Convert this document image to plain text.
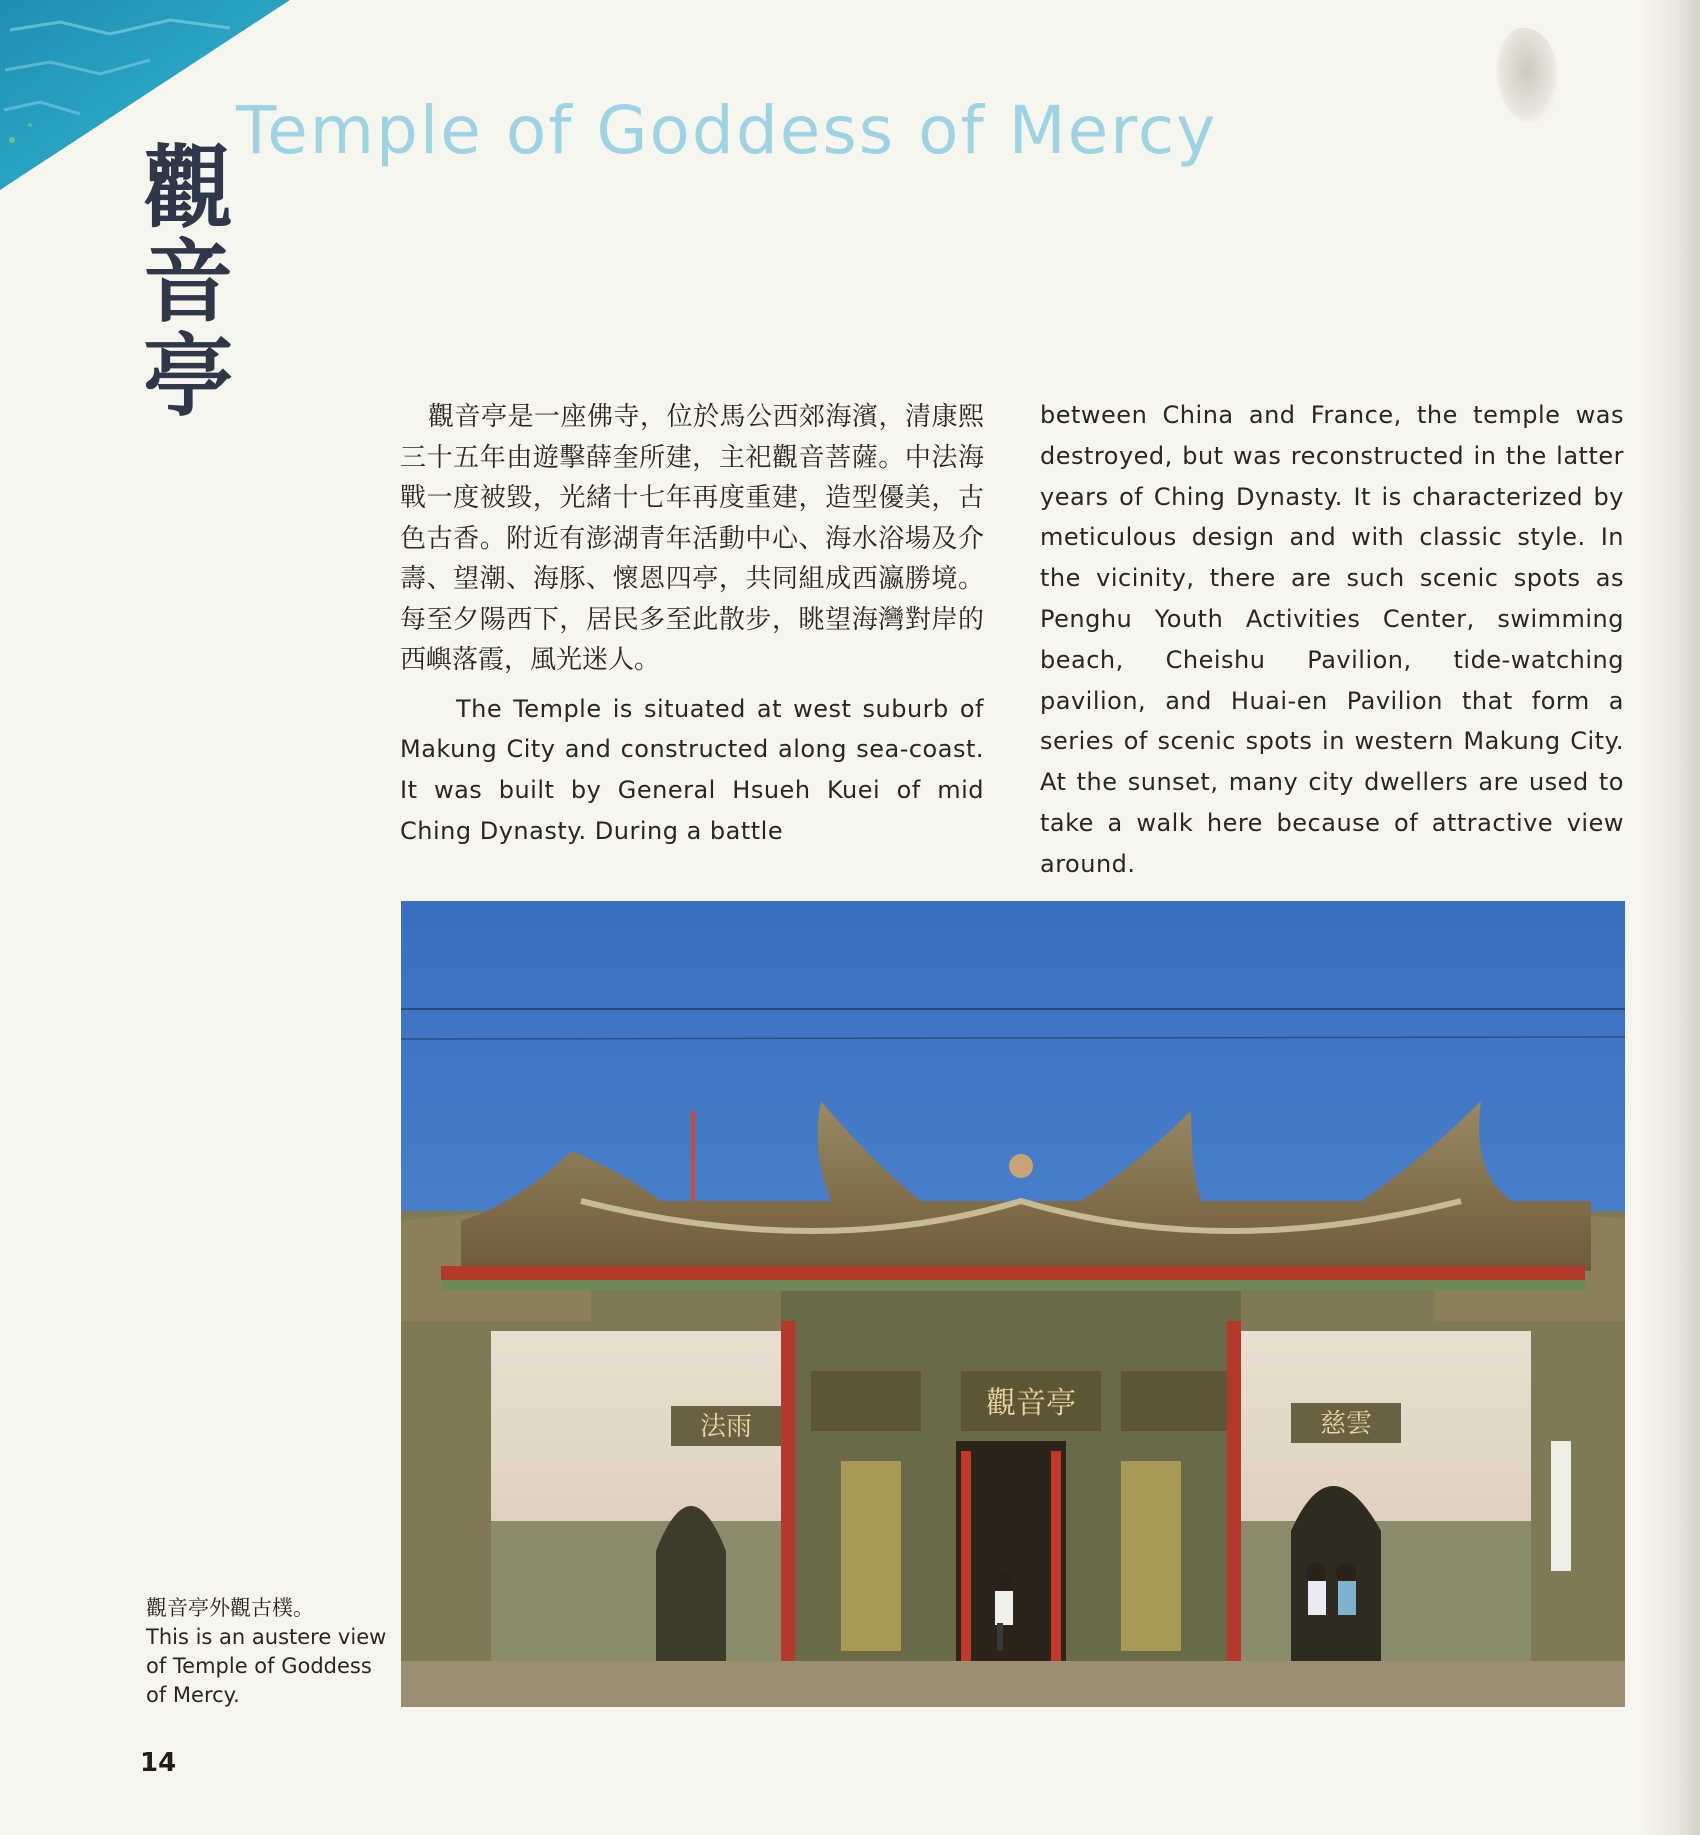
Temple of Goddess of Mercy
觀音亭	觀音亭是一座佛寺，位於馬公西郊海濱，清康熙三十五年由遊擊薛奎所建，主祀觀音菩薩。中法海戰一度被毀，光緒十七年再度重建，造型優美，古色古香。附近有澎湖青年活動中心、海水浴場及介壽、望潮、海豚、懷恩四亭，共同組成西瀛勝境。每至夕陽西下，居民多至此散步，眺望海灣對岸的西嶼落霞，風光迷人。

The Temple is situated at west suburb of Makung City and constructed along sea-coast. It was built by General Hsueh Kuei of mid Ching Dynasty. During a battle

between China and France, the temple was destroyed, but was reconstructed in the latter years of Ching Dynasty. It is characterized by meticulous design and with classic style. In the vicinity, there are such scenic spots as Penghu Youth Activities Center, swimming beach, Cheishu Pavilion, tide-watching pavilion, and Huai-en Pavilion that form a series of scenic spots in western Makung City. At the sunset, many city dwellers are used to take a walk here because of attractive view around.

觀音亭
法雨	慈雲

觀音亭外觀古樸。

This is an austere view of Temple of Goddess of Mercy.

14
